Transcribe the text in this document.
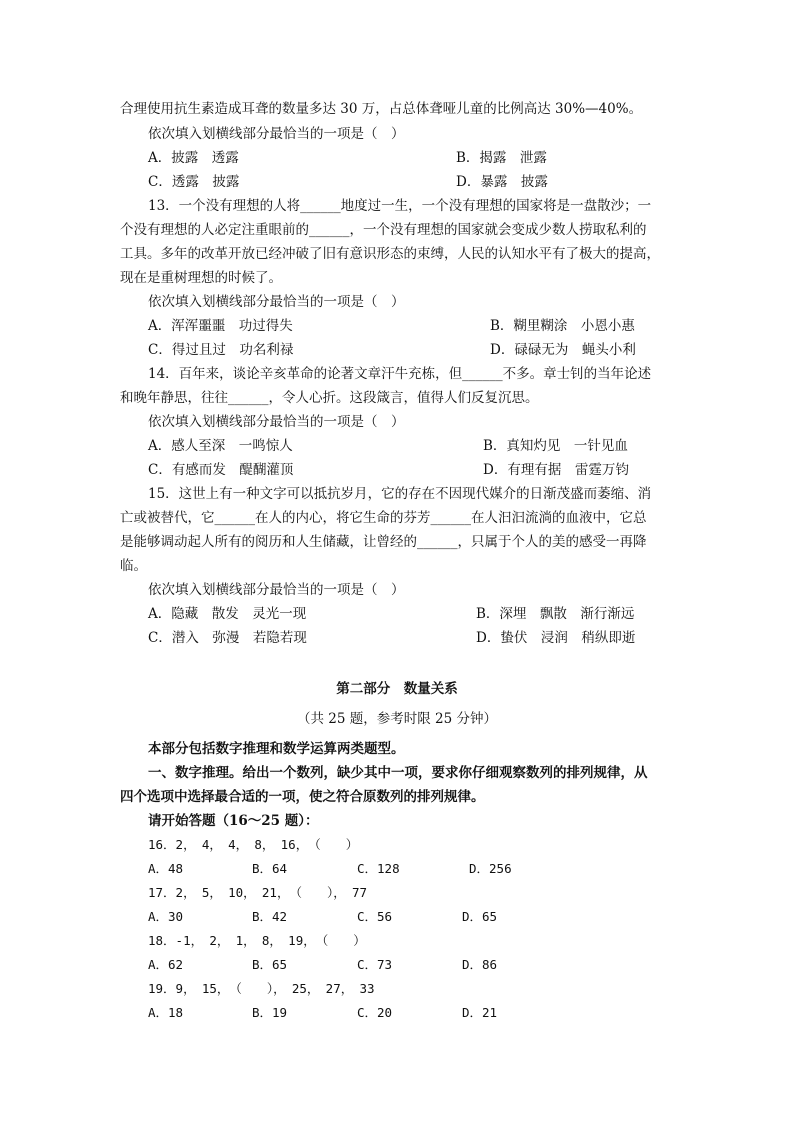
合理使用抗生素造成耳聋的数量多达 30 万，占总体聋哑儿童的比例高达 30%—40%。
依次填入划横线部分最恰当的一项是（　）
A．披露　透露	B．揭露　泄露
C．透露　披露	D．暴露　披露
13．一个没有理想的人将______地度过一生，一个没有理想的国家将是一盘散沙；一
个没有理想的人必定注重眼前的______，一个没有理想的国家就会变成少数人捞取私利的
工具。多年的改革开放已经冲破了旧有意识形态的束缚，人民的认知水平有了极大的提高，
现在是重树理想的时候了。
依次填入划横线部分最恰当的一项是（　）
A．浑浑噩噩　功过得失	B．糊里糊涂　小恩小惠
C．得过且过　功名利禄	D．碌碌无为　蝇头小利
14．百年来，谈论辛亥革命的论著文章汗牛充栋，但______不多。章士钊的当年论述
和晚年静思，往往______，令人心折。这段箴言，值得人们反复沉思。
依次填入划横线部分最恰当的一项是（　）
A．感人至深　一鸣惊人	B．真知灼见　一针见血
C．有感而发　醍醐灌顶	D．有理有据　雷霆万钧
15．这世上有一种文字可以抵抗岁月，它的存在不因现代媒介的日渐茂盛而萎缩、消
亡或被替代，它______在人的内心，将它生命的芬芳______在人汩汩流淌的血液中，它总
是能够调动起人所有的阅历和人生储藏，让曾经的______，只属于个人的美的感受一再降
临。
依次填入划横线部分最恰当的一项是（　）
A．隐藏　散发　灵光一现	B．深埋　飘散　渐行渐远
C．潜入　弥漫　若隐若现	D．蛰伏　浸润　稍纵即逝
第二部分　数量关系
（共 25 题，参考时限 25 分钟）
本部分包括数字推理和数学运算两类题型。
一、数字推理。给出一个数列，缺少其中一项，要求你仔细观察数列的排列规律，从
四个选项中选择最合适的一项，使之符合原数列的排列规律。
请开始答题（16～25 题）：
16．2，　4，　4，　8，　16，　（　　）
A．48	B．64	C．128	D．256
17．2，　5，　10，　21，　（　　），　77
A．30	B．42	C．56	D．65
18．-1，　2，　1，　8，　19，　（　　）
A．62	B．65	C．73	D．86
19．9，　15，　（　　），　25，　27，　33
A．18	B．19	C．20	D．21
